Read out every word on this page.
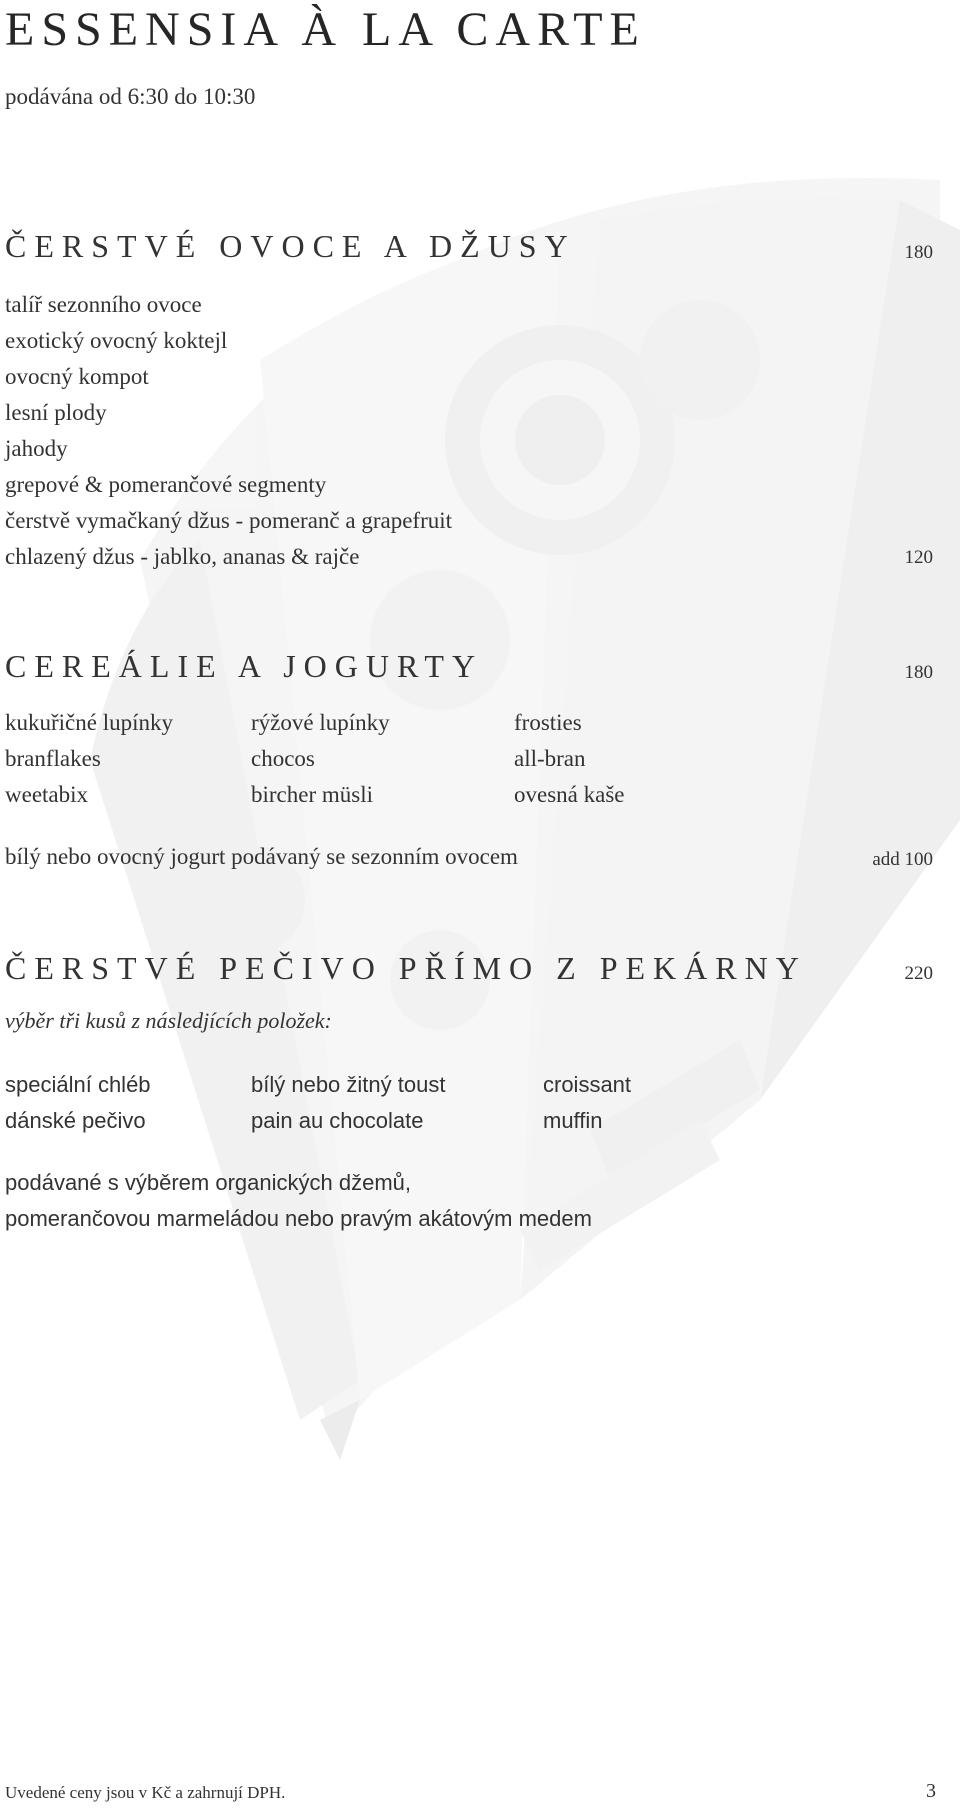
ESSENSIA À LA CARTE
podávána od 6:30 do 10:30
ČERSTVÉ OVOCE A DŽUSY	180
talíř sezonního ovoce
exotický ovocný koktejl
ovocný kompot
lesní plody
jahody
grepové & pomerančové segmenty
čerstvě vymačkaný džus - pomeranč a grapefruit
chlazený džus - jablko, ananas & rajče	120
CEREÁLIE A JOGURTY	180
kukuřičné lupínky	rýžové lupínky	frosties
branflakes	chocos	all-bran
weetabix	bircher müsli	ovesná kaše
bílý nebo ovocný jogurt podávaný se sezonním ovocem	add 100
ČERSTVÉ PEČIVO PŘÍMO Z PEKÁRNY	220
výběr tři kusů z následjících položek:
speciální chléb	bílý nebo žitný toust	croissant
dánské pečivo	pain au chocolate	muffin
podávané s výběrem organických džemů,
pomerančovou marmeládou nebo pravým akátovým medem
Uvedené ceny jsou v Kč a zahrnují DPH.	3
